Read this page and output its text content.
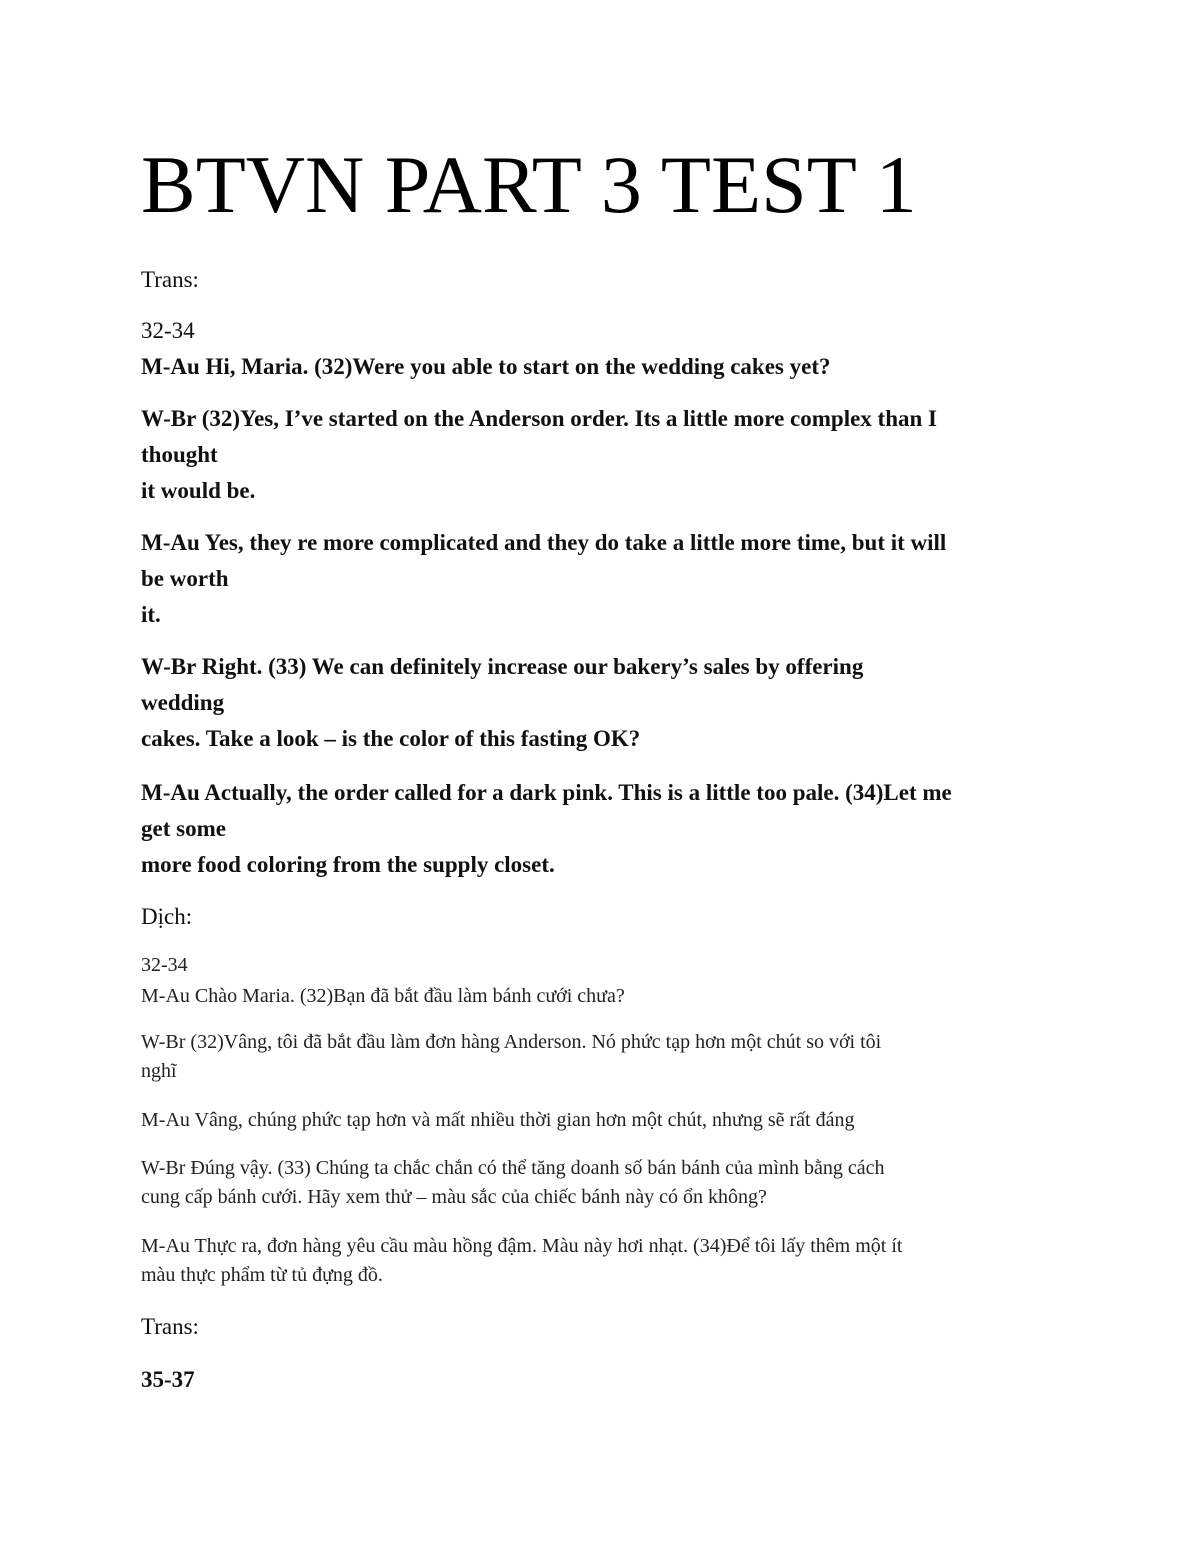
BTVN PART 3 TEST 1
Trans:
32-34
M-Au Hi, Maria. (32)Were you able to start on the wedding cakes yet?
W-Br (32)Yes, I’ve started on the Anderson order. Its a little more complex than I
thought
it would be.
M-Au Yes, they re more complicated and they do take a little more time, but it will
be worth
it.
W-Br Right. (33) We can definitely increase our bakery’s sales by offering
wedding
cakes. Take a look – is the color of this fasting OK?
M-Au Actually, the order called for a dark pink. This is a little too pale. (34)Let me
get some
more food coloring from the supply closet.
Dịch:
32-34
M-Au Chào Maria. (32)Bạn đã bắt đầu làm bánh cưới chưa?
W-Br (32)Vâng, tôi đã bắt đầu làm đơn hàng Anderson. Nó phức tạp hơn một chút so với tôi
nghĩ
M-Au Vâng, chúng phức tạp hơn và mất nhiều thời gian hơn một chút, nhưng sẽ rất đáng
W-Br Đúng vậy. (33) Chúng ta chắc chắn có thể tăng doanh số bán bánh của mình bằng cách
cung cấp bánh cưới. Hãy xem thử – màu sắc của chiếc bánh này có ổn không?
M-Au Thực ra, đơn hàng yêu cầu màu hồng đậm. Màu này hơi nhạt. (34)Để tôi lấy thêm một ít
màu thực phẩm từ tủ đựng đồ.
Trans:
35-37
